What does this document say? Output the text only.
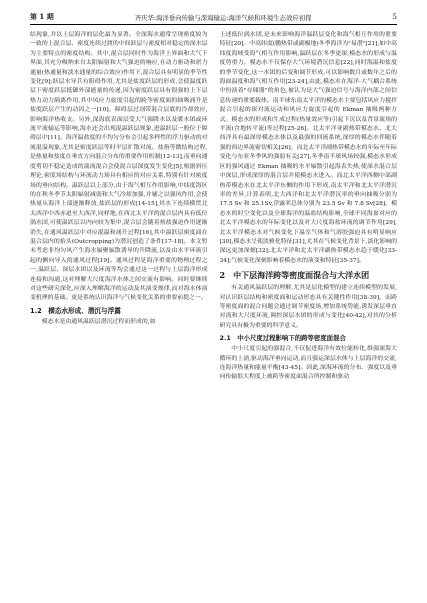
第 1 期	齐庆华:海洋垂向传输与深海输运:海洋气候和环境生态效应初探	5

结现象,并以上层海洋的层化最为显著。全深海水通常呈现密度较为一致的上混合层、密度连续过渡的中间跃层与密度相对稳定的深水层为主要特点的密度结构。其中,混合层同时作为海洋上界面和大气下界面,其充分吸纳来自太阳辐射和大气强迫的响应,在动力驱动和淤力通量(热通量和淡水通量的综合效应)作用下,混合层具有明显的季节性变化[9];跃层水导兵有阻碍作用,尤其是盐度跃层的形成,会使温度跃层下密度跃层抵御外部能量的传递,因为密度跃层具有很强的上下层热力动力隔离作用,其中风应力旋度引起的跨等密度面的抽吸涌升是盐度跃层产生的动因之一[10]。障碍层过剖带混合层底的冷却效应,影响海洋热收支。另外,深海底表面层受大气强降水以及暖水团或环流平流输运等影响,海水还会出现混温跃层现象,进温跃层一般位于障碍层中[11]。海洋温盐度的不均匀分布会引起多样性的浮力驱动的对流混溢现象,尤其是密度跃层等时平层扩散对流、盐指等微结构过程,是热量和盐度在垂直方向混合分布的重要作用机制[12-13],而垂向通度剪切不稳定造成的湍流混合会使混合层深度发生变化[5],根据斜压理论,密度场结构与环流动力场具有相应的对应关系,特别有针对密度场的垂向结构。温跃层以上部分,由于海气相互作用影响,中纬度海区的在秋冬季节太阳辐射减弱和大气冷却加强,并辅之以强风作用,会使热量从海洋上部逐渐释放,盐跃层的形成[14-15],其水下连续横贯北太西洋中西赤道至大西洋,同样地,在西北太平洋的混合层内具有低位涡水团,可使温跃层以内向较为集中,混合层会随着热盐强迫作用逐渐消失,在通风温跃层中对应混温和涌升过程[16],其中温跃层密度面在混合层内的抬头(Outcropping)为潜沉创造了条件[17-18]。本文暂未考虑非均匀风产生海水辐聚辐散诱导的升降流,以及由水平环流引起的侧向导入的通风过程[19]。通风过程是海洋重要的物理过程之一,温跃层、深层水团以及环流等均会通过这一过程与上层海洋形成连接和沟通,这对理解大尺度海洋水体之间交流有影响。同时要继续对这些研究深化,应深入理解海洋的运动及其演变规律,而对海水体演变机理的基础。更是系统认识海洋与气候变化关系的重要前提之一。

1.2　横态水形成、潜沉与浮露

模态水是由通风温跃层潜沉过程而形成的,如

上述低位涡水团,是未来影响海洋温跃层变化和海气相互作用的重要特征[20]。中高纬度(鹏热带或副极地)冬季海洋为"易潜"[21],如中高纬度海域受海气相互作用影响,温跃层在冬季更深,模态水的形成与温度剪重力。模态水不仅保存大气环境潜沉信息[22],同时海温和盐度的季节变化,这一水团的后变和调节形成,可以影响数月或数年之后的海面温度和海气相互作用[23-24],由此,模态水在海洋-大气耦合系统中扮演着"存储器"的角色,被认为是大气强迫信号与海洋内部之间信息传递的重要载体。南半球东南太平洋的模态水主要包括风应力搅拌混合引起的深对流运动和风应力旋度引起的 Ekman 抽吸两种方式。模态水的形成和生成过程(热量效应等)引起下沉以及背景流场的平流(含地转平流)等过程[25-26]。北太平洋亚副热带模态水、北大西洋具有最深厚模态水体以及最强的回流系统,深厚的模态水伴随着强的西边界流密切相关[26]。而北太平洋副热带模态水的年际至年际变化与东亚冬季风的强弱有关[27],冬季南半球风场较强,模态水形成区的强风通过 Ekman 抽吸的水平辐散引起海表失热,使深水混合层中深层,形成深厚的混合层并使模态水进入。而北太平洋西侧中部副热带模态水在北太平洋东侧的作用下形成,南太平洋和北太平洋潜沉率的差异,计算表明,北大西洋和北太平洋潜沉率的垂向抽吸分别为 17.5 Sv 和 25.1Sv,浮露率总体分别为 23.5 Sv 和 7.8 Sv[28]。模态水的时空变化以及全球海洋的温盐结构影响,全球不同海盆对应的北太平洋模态水的年际变化以及对大尺度海盆环流的调节作用[29],北太平洋模态水对气候变化下温室气体和气溶胶强迫具有明显响应[30],模态水呈使淡雅化特征[31],尤其在气候变化背景下,淡化影响的深远更加深刻[32];北太平洋和北太平洋副热带模态水趋于暖化[33-34];气候变化深刻影响着模态水的演变和特征[35-37]。

2　中下层海洋跨等密度面混合与大洋水团

有关通风温跃层的理解,尤其是层化模型的建立连续模型的发展,对认识跃层结构和密度面和运动形态具有关键性作用[38-39]。而跨等密度面的混合问题会通过调节密度场,增加系统势能,诱发深层垂直对流和大尺度环流,调控深层水团的形成与变化[40-42],对其的分析研究具有极为重要的科学意义。

2.1　中小尺度过程影响下的跨等密度面混合

中小尺度引起的强混合,不仅促进海洋有效位能转化,维强深海大循环的上涌,驱动海洋垂向运动,而且强运深层水体与上层海洋的交流,连海洋热量和能量平衡[43-45]。因此,深海环流的分布、强度以及垂向传输很大程度上被跨等密度面混合所控制和驱动
